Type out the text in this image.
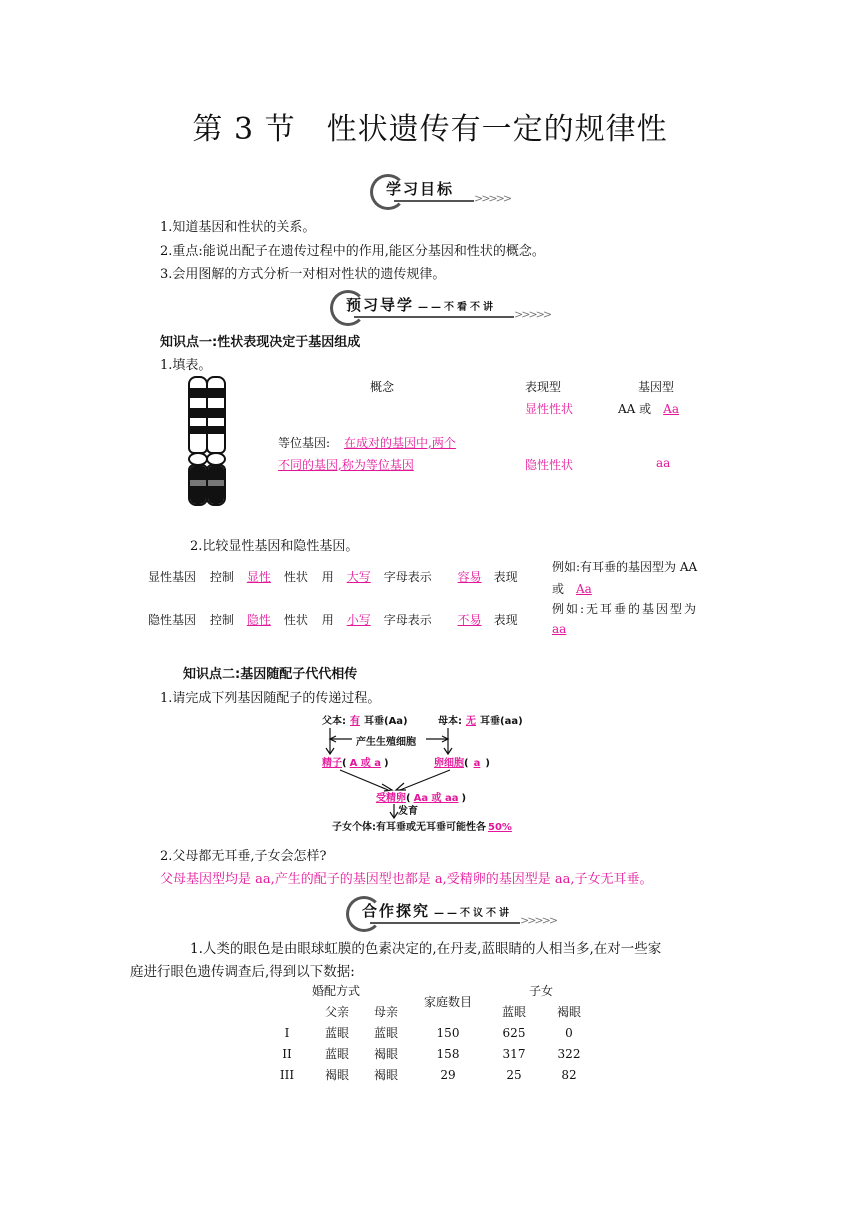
第 3 节　性状遗传有一定的规律性
>>>>>
学习目标
1.知道基因和性状的关系。
2.重点:能说出配子在遗传过程中的作用,能区分基因和性状的概念。
3.会用图解的方式分析一对相对性状的遗传规律。
>>>>>
预习导学 ——不看不讲
知识点一:性状表现决定于基因组成
1.填表。
概念	表现型	基因型
显性性状	AA 或 Aa
等位基因: 在成对的基因中,两个
不同的基因,称为等位基因	隐性性状	aa
2.比较显性基因和隐性基因。
显性基因 控制 显性 性状 用 大写 字母表示 容易 表现
例如:有耳垂的基因型为 AA
或 Aa
隐性基因 控制 隐性 性状 用 小写 字母表示 不易 表现
例如:无耳垂的基因型为
aa
知识点二:基因随配子代代相传
1.请完成下列基因随配子的传递过程。
父本: 有 耳垂(Aa)	母本: 无 耳垂(aa)
产生生殖细胞
精子( A 或 a )	卵细胞( a )
受精卵( Aa 或 aa )
发育
子女个体:有耳垂或无耳垂可能性各 50%
2.父母都无耳垂,子女会怎样?
父母基因型均是 aa,产生的配子的基因型也都是 a,受精卵的基因型是 aa,子女无耳垂。
>>>>>
合作探究 ——不议不讲
1.人类的眼色是由眼球虹膜的色素决定的,在丹麦,蓝眼睛的人相当多,在对一些家
庭进行眼色遗传调查后,得到以下数据:
婚配方式			家庭数目	子女	
	父亲	母亲		蓝眼	褐眼
I	蓝眼	蓝眼	150	625	0
II	蓝眼	褐眼	158	317	322
III	褐眼	褐眼	29	25	82
